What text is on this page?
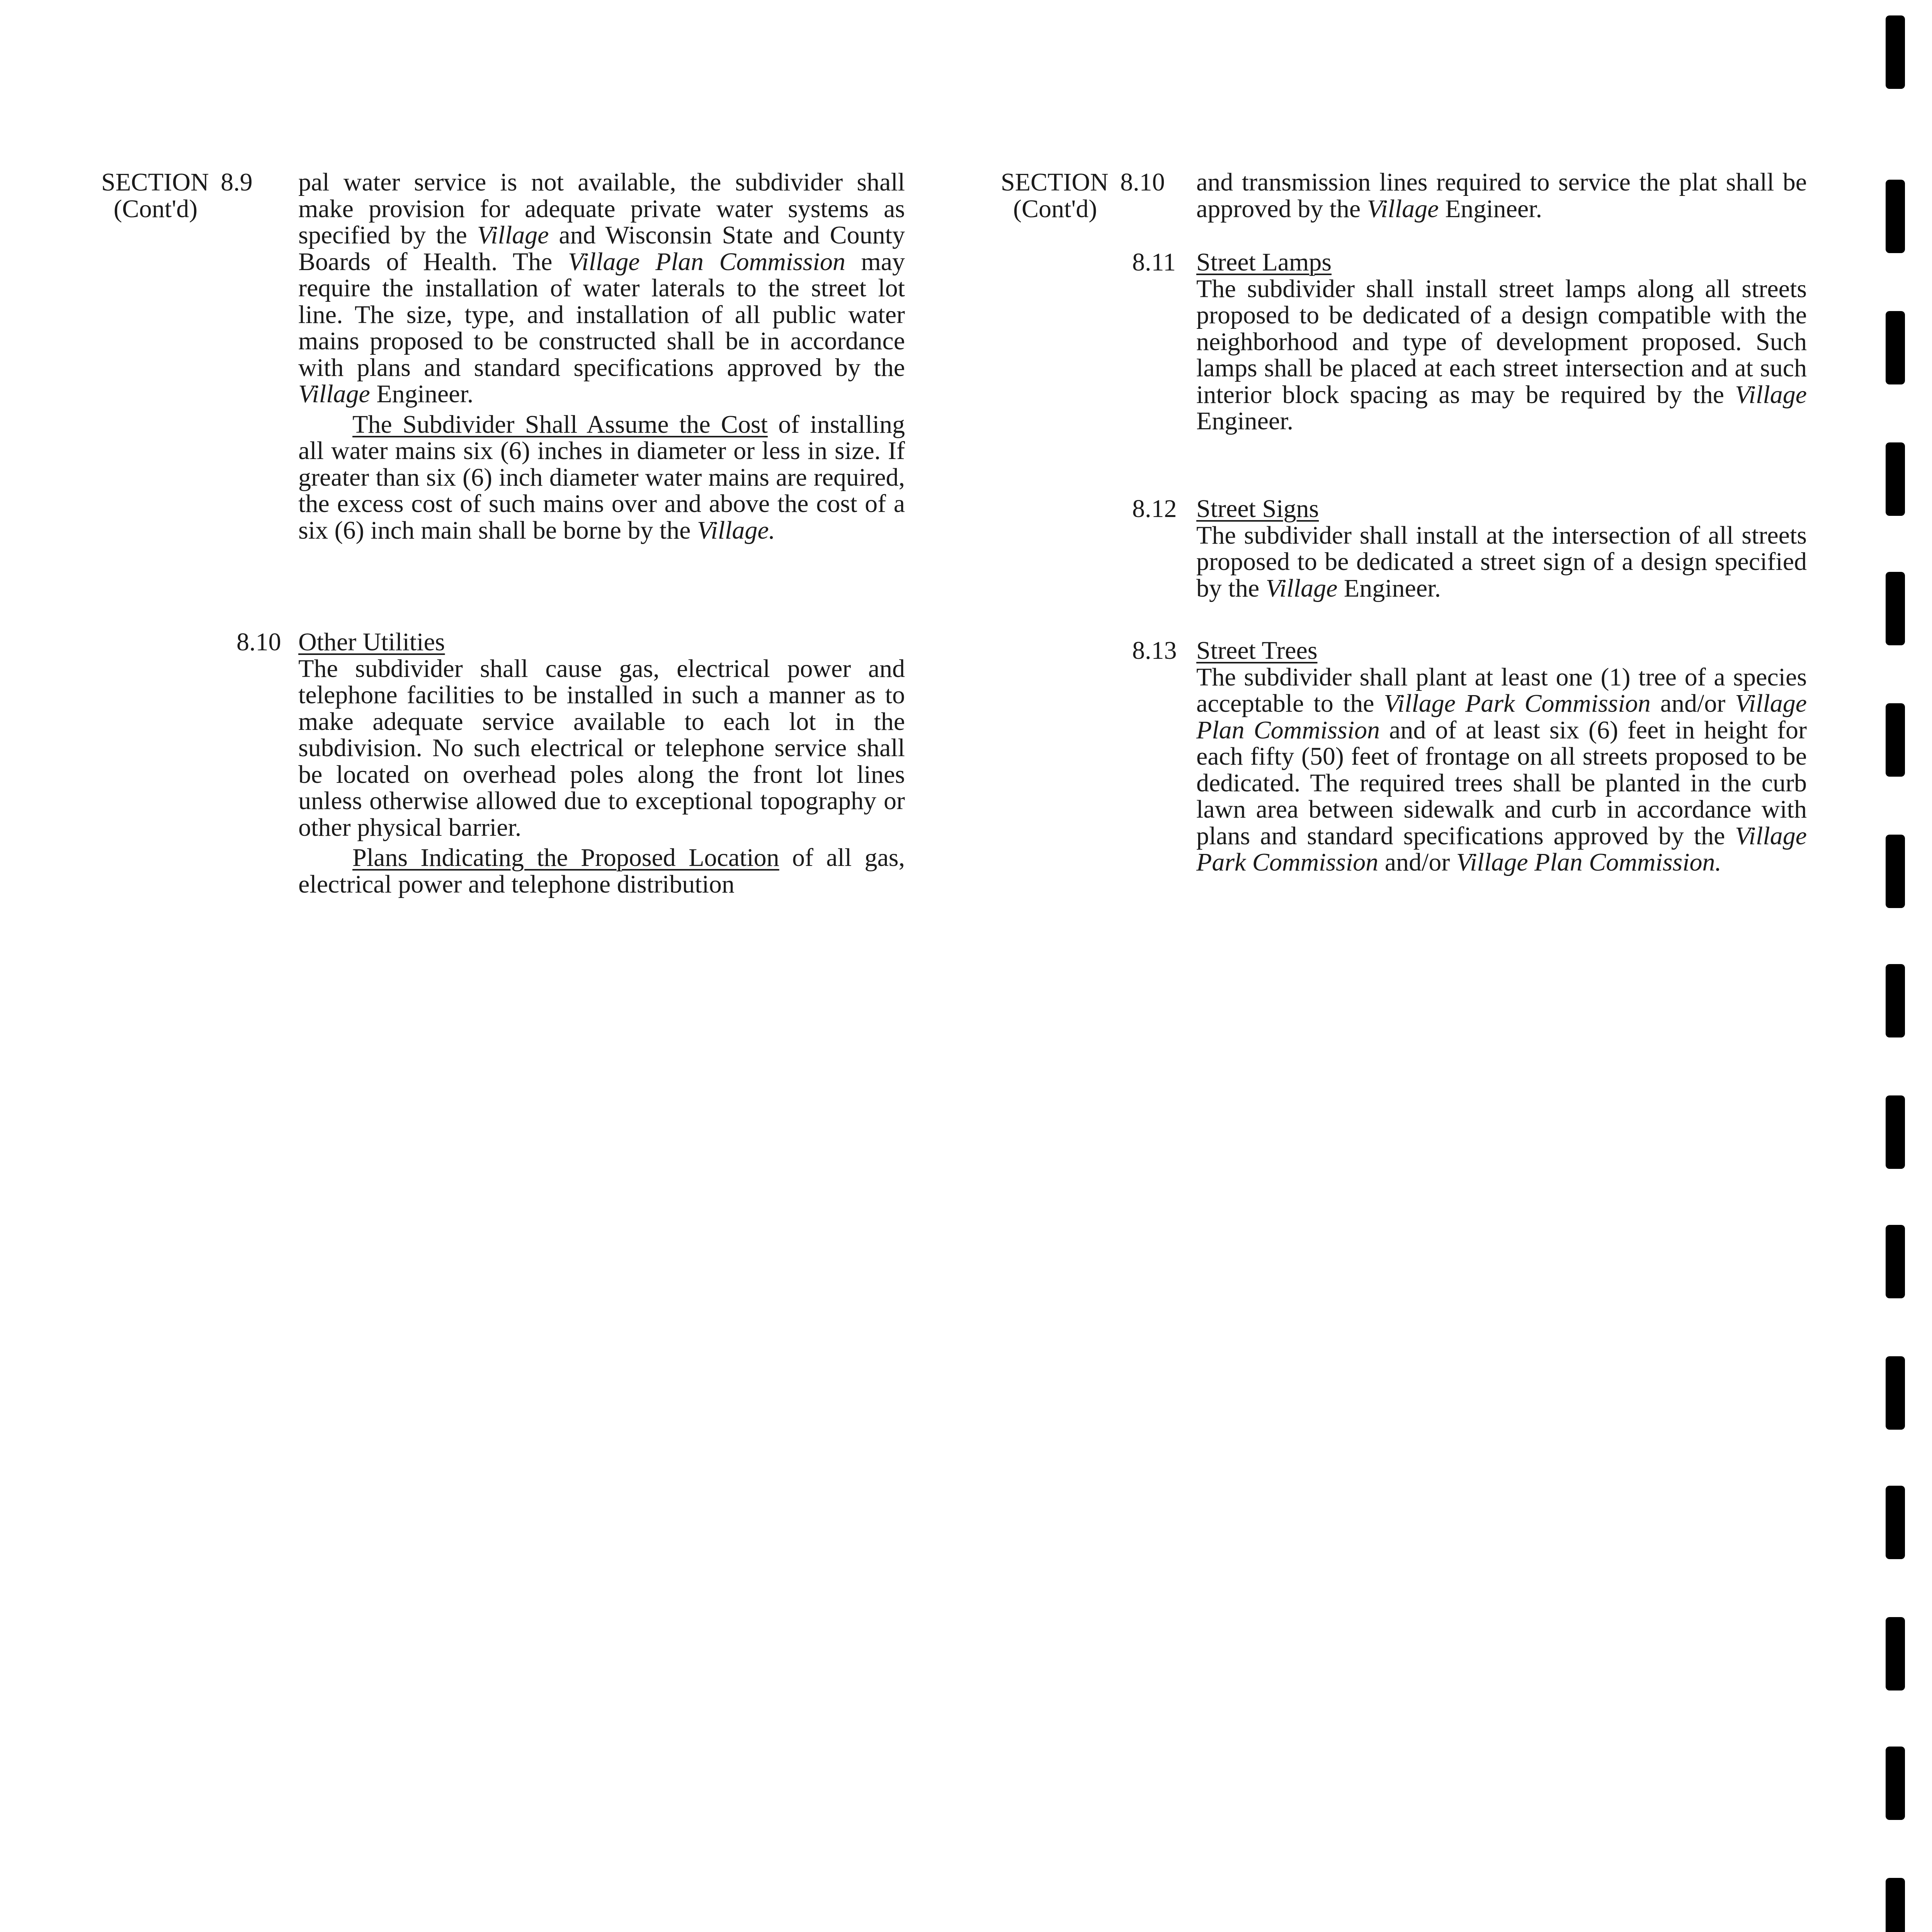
SECTION 8.9
(Cont'd)

pal water service is not available, the subdivider shall make provision for adequate private water systems as specified by the Village and Wisconsin State and County Boards of Health. The Village Plan Commission may require the installation of water laterals to the street lot line. The size, type, and installation of all public water mains proposed to be constructed shall be in accordance with plans and standard specifications approved by the Village Engineer.

The Subdivider Shall Assume the Cost of installing all water mains six (6) inches in diameter or less in size. If greater than six (6) inch diameter water mains are required, the excess cost of such mains over and above the cost of a six (6) inch main shall be borne by the Village.

8.10 Other Utilities

The subdivider shall cause gas, electrical power and telephone facilities to be installed in such a manner as to make adequate service available to each lot in the subdivision. No such electrical or telephone service shall be located on overhead poles along the front lot lines unless otherwise allowed due to exceptional topography or other physical barrier.

Plans Indicating the Proposed Location of all gas, electrical power and telephone distribution

SECTION 8.10
(Cont'd)

and transmission lines required to service the plat shall be approved by the Village Engineer.

8.11 Street Lamps

The subdivider shall install street lamps along all streets proposed to be dedicated of a design compatible with the neighborhood and type of development proposed. Such lamps shall be placed at each street intersection and at such interior block spacing as may be required by the Village Engineer.

8.12 Street Signs

The subdivider shall install at the intersection of all streets proposed to be dedicated a street sign of a design specified by the Village Engineer.

8.13 Street Trees

The subdivider shall plant at least one (1) tree of a species acceptable to the Village Park Commission and/or Village Plan Commission and of at least six (6) feet in height for each fifty (50) feet of frontage on all streets proposed to be dedicated. The required trees shall be planted in the curb lawn area between sidewalk and curb in accordance with plans and standard specifications approved by the Village Park Commission and/or Village Plan Commission.
